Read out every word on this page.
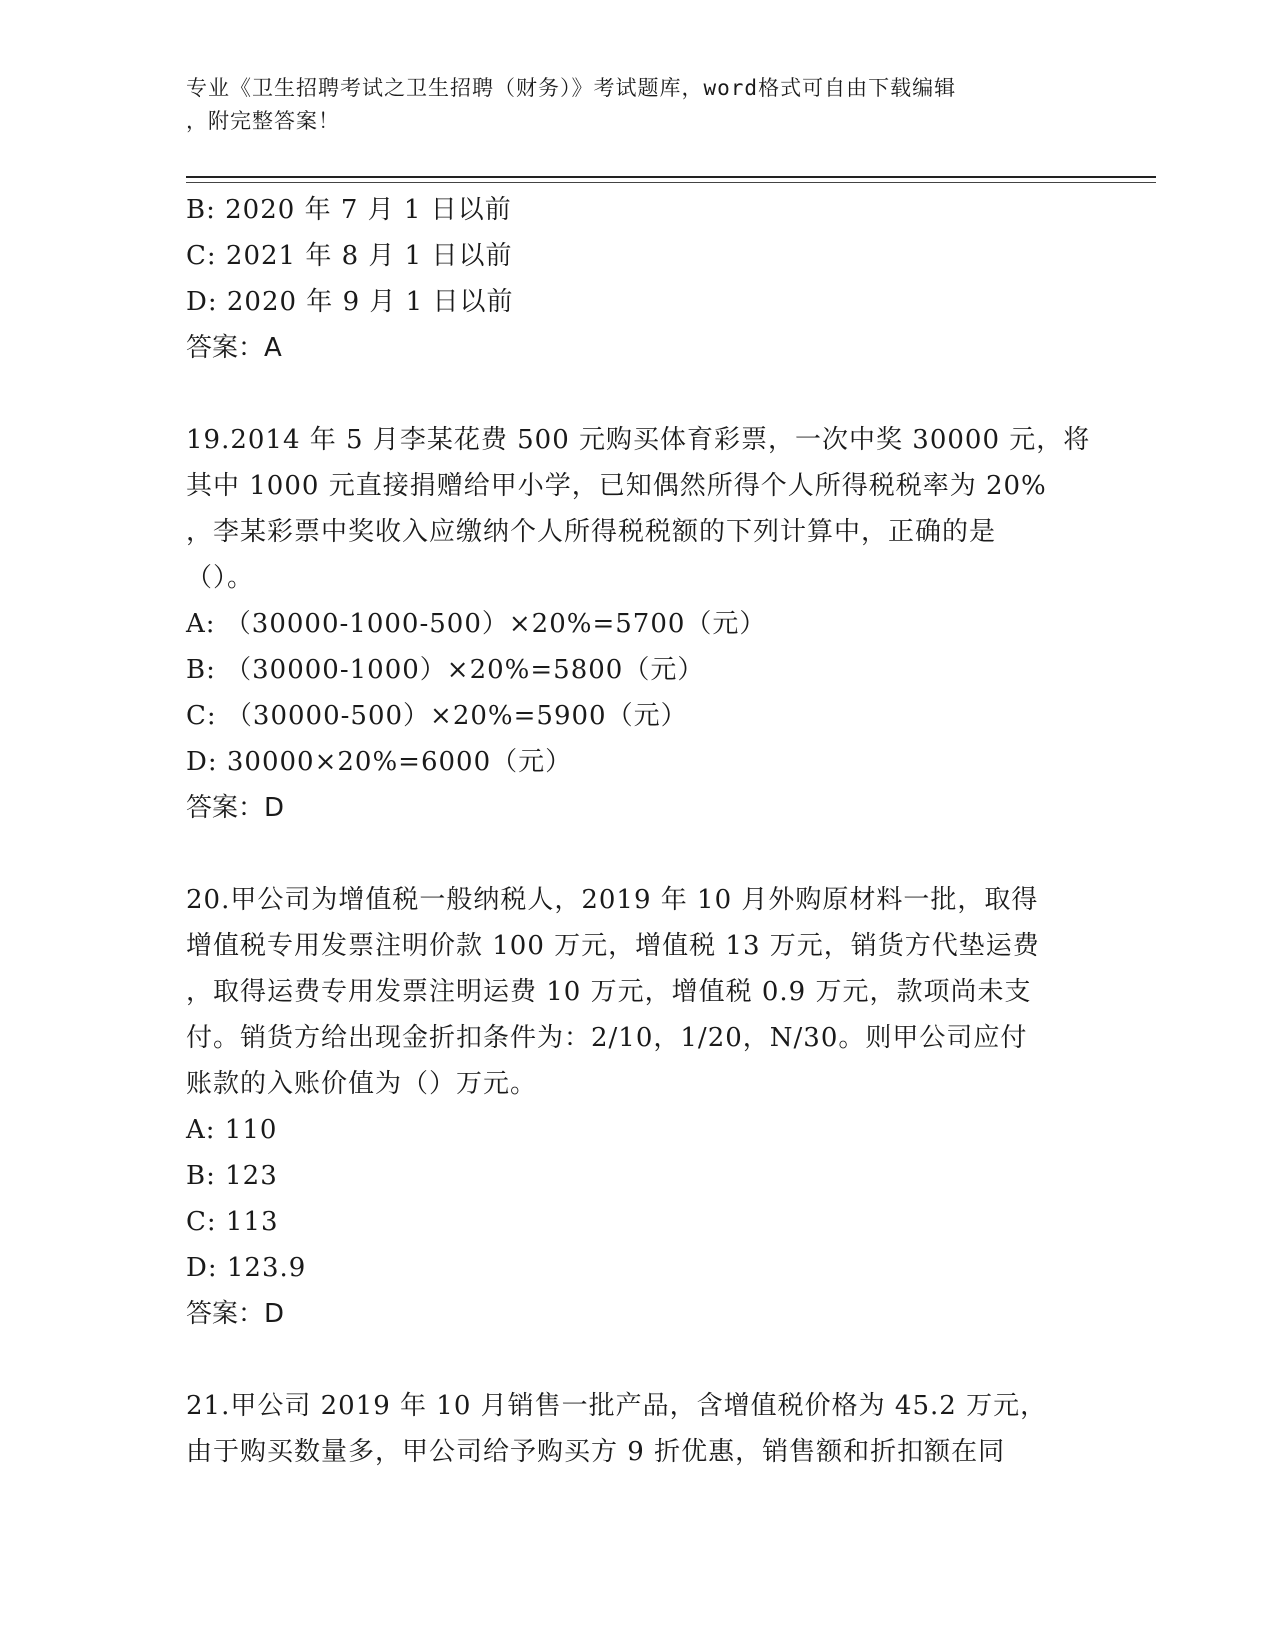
专业《卫生招聘考试之卫生招聘（财务）》考试题库，word格式可自由下载编辑
，附完整答案！
B: 2020 年 7 月 1 日以前
C: 2021 年 8 月 1 日以前
D: 2020 年 9 月 1 日以前
答案：A
19.2014 年 5 月李某花费 500 元购买体育彩票，一次中奖 30000 元，将
其中 1000 元直接捐赠给甲小学，已知偶然所得个人所得税税率为 20%
，李某彩票中奖收入应缴纳个人所得税税额的下列计算中，正确的是
（）。
A: （30000-1000-500）×20%=5700（元）
B: （30000-1000）×20%=5800（元）
C: （30000-500）×20%=5900（元）
D: 30000×20%=6000（元）
答案：D
20.甲公司为增值税一般纳税人，2019 年 10 月外购原材料一批，取得
增值税专用发票注明价款 100 万元，增值税 13 万元，销货方代垫运费
，取得运费专用发票注明运费 10 万元，增值税 0.9 万元，款项尚未支
付。销货方给出现金折扣条件为：2/10，1/20，N/30。则甲公司应付
账款的入账价值为（）万元。
A: 110
B: 123
C: 113
D: 123.9
答案：D
21.甲公司 2019 年 10 月销售一批产品，含增值税价格为 45.2 万元，
由于购买数量多，甲公司给予购买方 9 折优惠，销售额和折扣额在同
